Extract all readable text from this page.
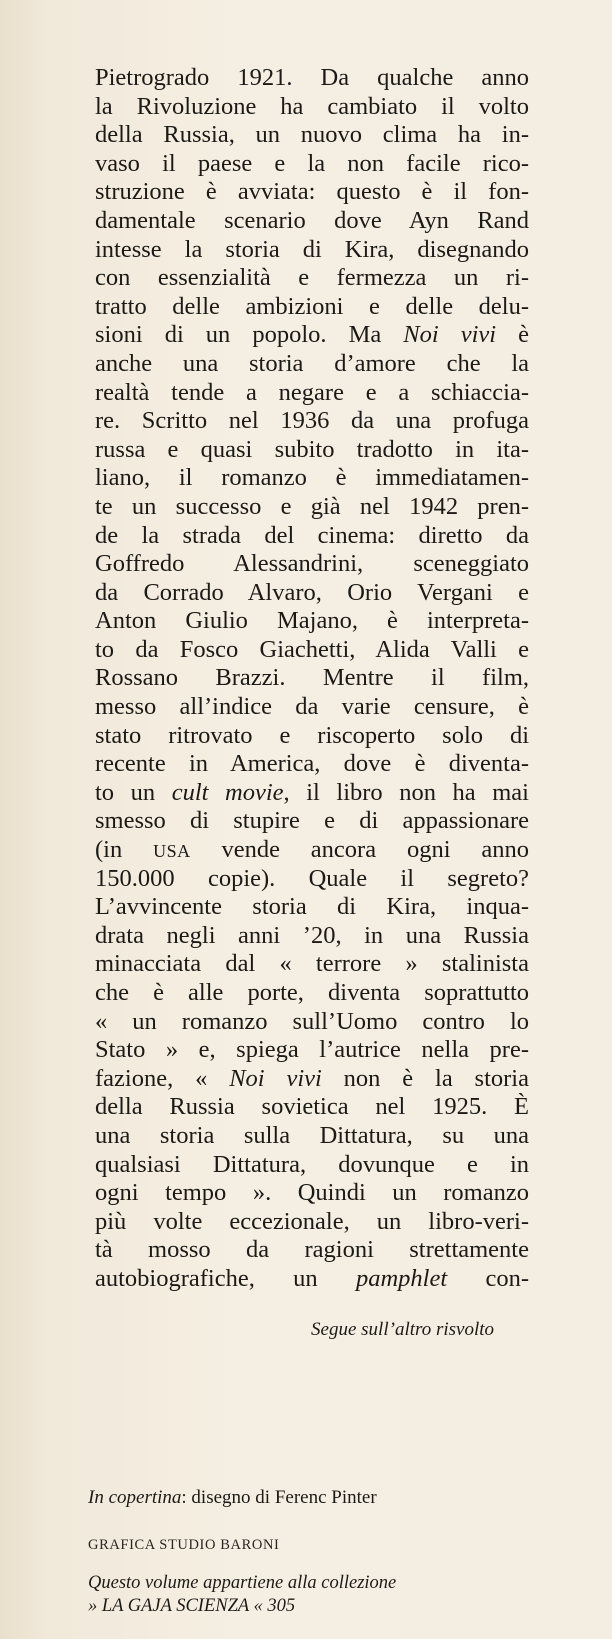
Pietrogrado 1921. Da qualche anno
la Rivoluzione ha cambiato il volto
della Russia, un nuovo clima ha in-
vaso il paese e la non facile rico-
struzione è avviata: questo è il fon-
damentale scenario dove Ayn Rand
intesse la storia di Kira, disegnando
con essenzialità e fermezza un ri-
tratto delle ambizioni e delle delu-
sioni di un popolo. Ma Noi vivi è
anche una storia d’amore che la
realtà tende a negare e a schiaccia-
re. Scritto nel 1936 da una profuga
russa e quasi subito tradotto in ita-
liano, il romanzo è immediatamen-
te un successo e già nel 1942 pren-
de la strada del cinema: diretto da
Goffredo Alessandrini, sceneggiato
da Corrado Alvaro, Orio Vergani e
Anton Giulio Majano, è interpreta-
to da Fosco Giachetti, Alida Valli e
Rossano Brazzi. Mentre il film,
messo all’indice da varie censure, è
stato ritrovato e riscoperto solo di
recente in America, dove è diventa-
to un cult movie, il libro non ha mai
smesso di stupire e di appassionare
(in USA vende ancora ogni anno
150.000 copie). Quale il segreto?
L’avvincente storia di Kira, inqua-
drata negli anni ’20, in una Russia
minacciata dal « terrore » stalinista
che è alle porte, diventa soprattutto
« un romanzo sull’Uomo contro lo
Stato » e, spiega l’autrice nella pre-
fazione, « Noi vivi non è la storia
della Russia sovietica nel 1925. È
una storia sulla Dittatura, su una
qualsiasi Dittatura, dovunque e in
ogni tempo ». Quindi un romanzo
più volte eccezionale, un libro-veri-
tà mosso da ragioni strettamente
autobiografiche, un pamphlet con-
Segue sull’altro risvolto
In copertina: disegno di Ferenc Pinter
GRAFICA STUDIO BARONI
Questo volume appartiene alla collezione
» LA GAJA SCIENZA « 305
